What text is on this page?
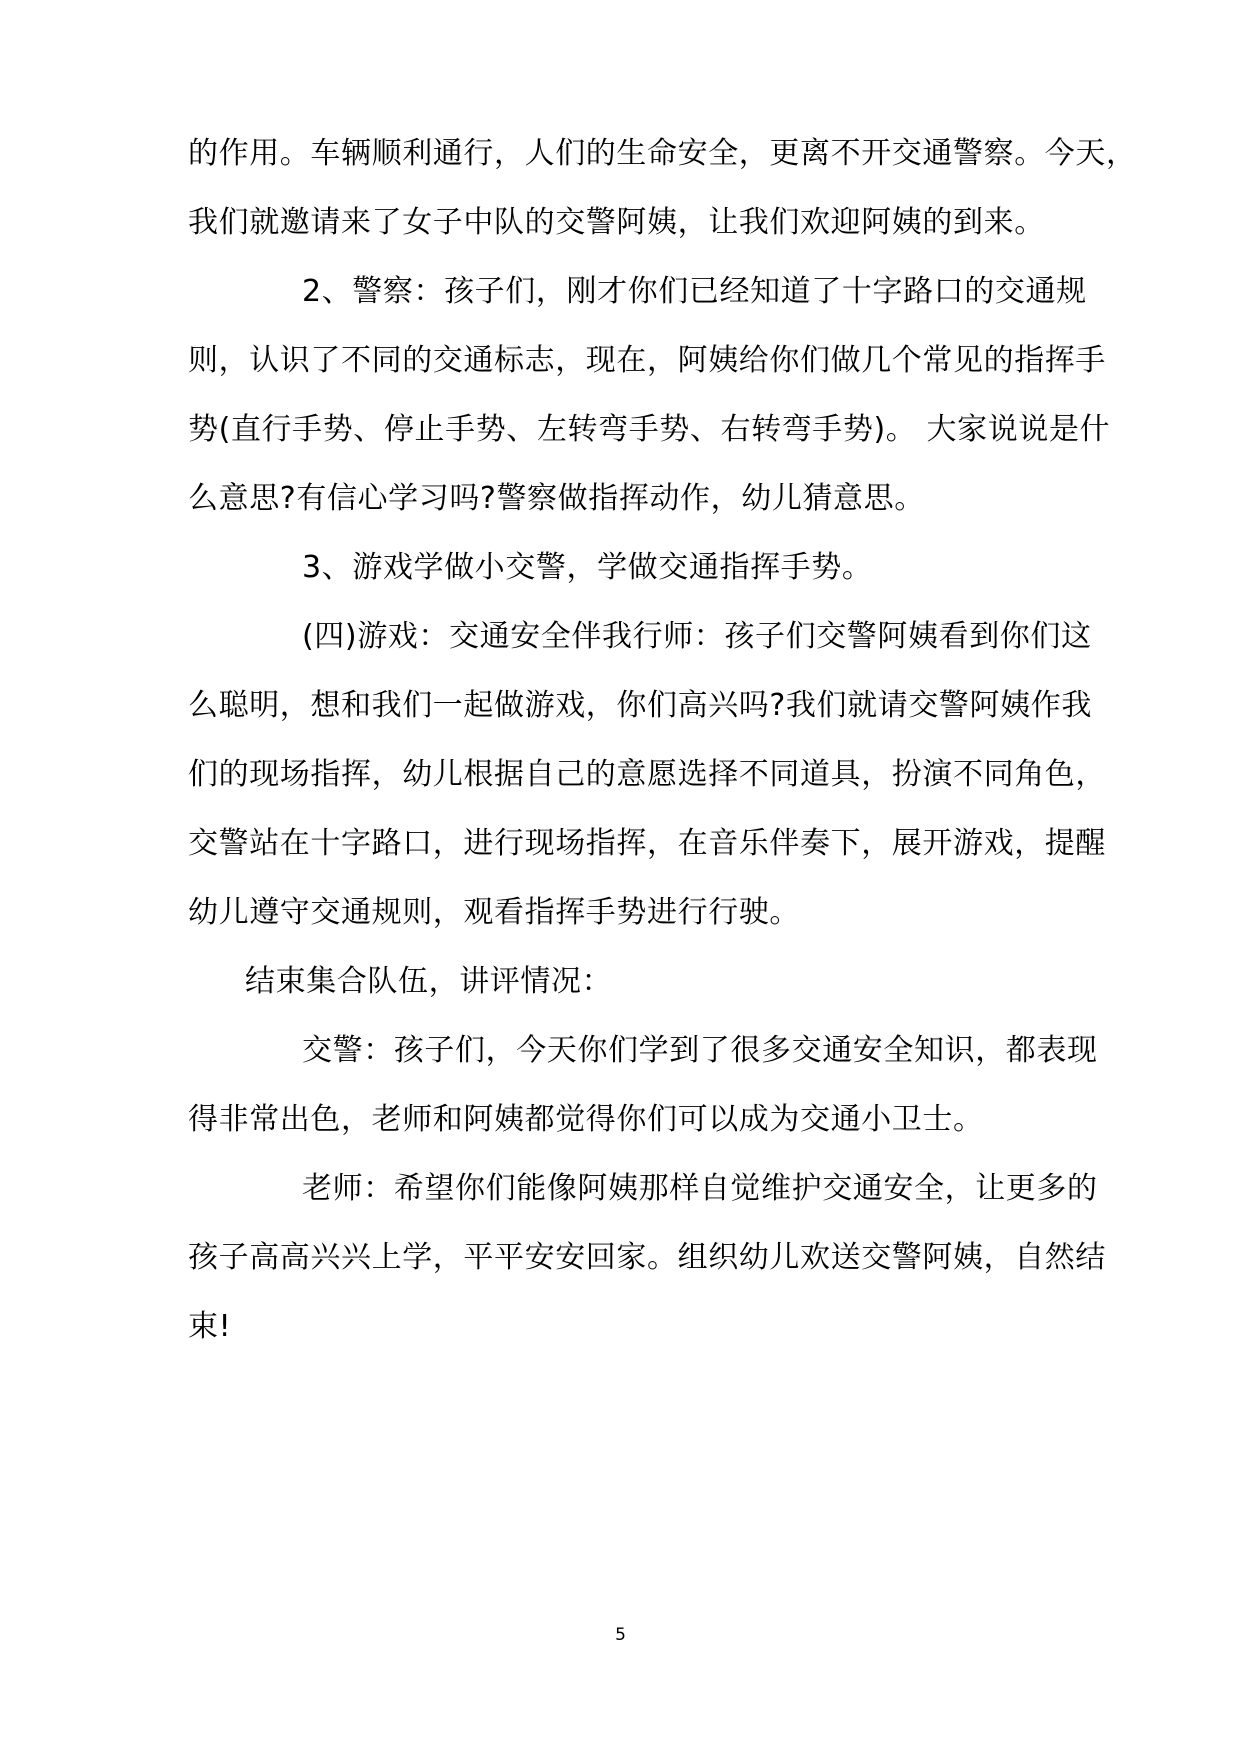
的作用。车辆顺利通行，人们的生命安全，更离不开交通警察。今天，
我们就邀请来了女子中队的交警阿姨，让我们欢迎阿姨的到来。
2、警察：孩子们，刚才你们已经知道了十字路口的交通规
则，认识了不同的交通标志，现在，阿姨给你们做几个常见的指挥手
势(直行手势、停止手势、左转弯手势、右转弯手势)。 大家说说是什
么意思?有信心学习吗?警察做指挥动作，幼儿猜意思。
3、游戏学做小交警，学做交通指挥手势。
(四)游戏：交通安全伴我行师：孩子们交警阿姨看到你们这
么聪明，想和我们一起做游戏，你们高兴吗?我们就请交警阿姨作我
们的现场指挥，幼儿根据自己的意愿选择不同道具，扮演不同角色，
交警站在十字路口，进行现场指挥，在音乐伴奏下，展开游戏，提醒
幼儿遵守交通规则，观看指挥手势进行行驶。
结束集合队伍，讲评情况：
交警：孩子们，今天你们学到了很多交通安全知识，都表现
得非常出色，老师和阿姨都觉得你们可以成为交通小卫士。
老师：希望你们能像阿姨那样自觉维护交通安全，让更多的
孩子高高兴兴上学，平平安安回家。组织幼儿欢送交警阿姨，自然结
束!
5
